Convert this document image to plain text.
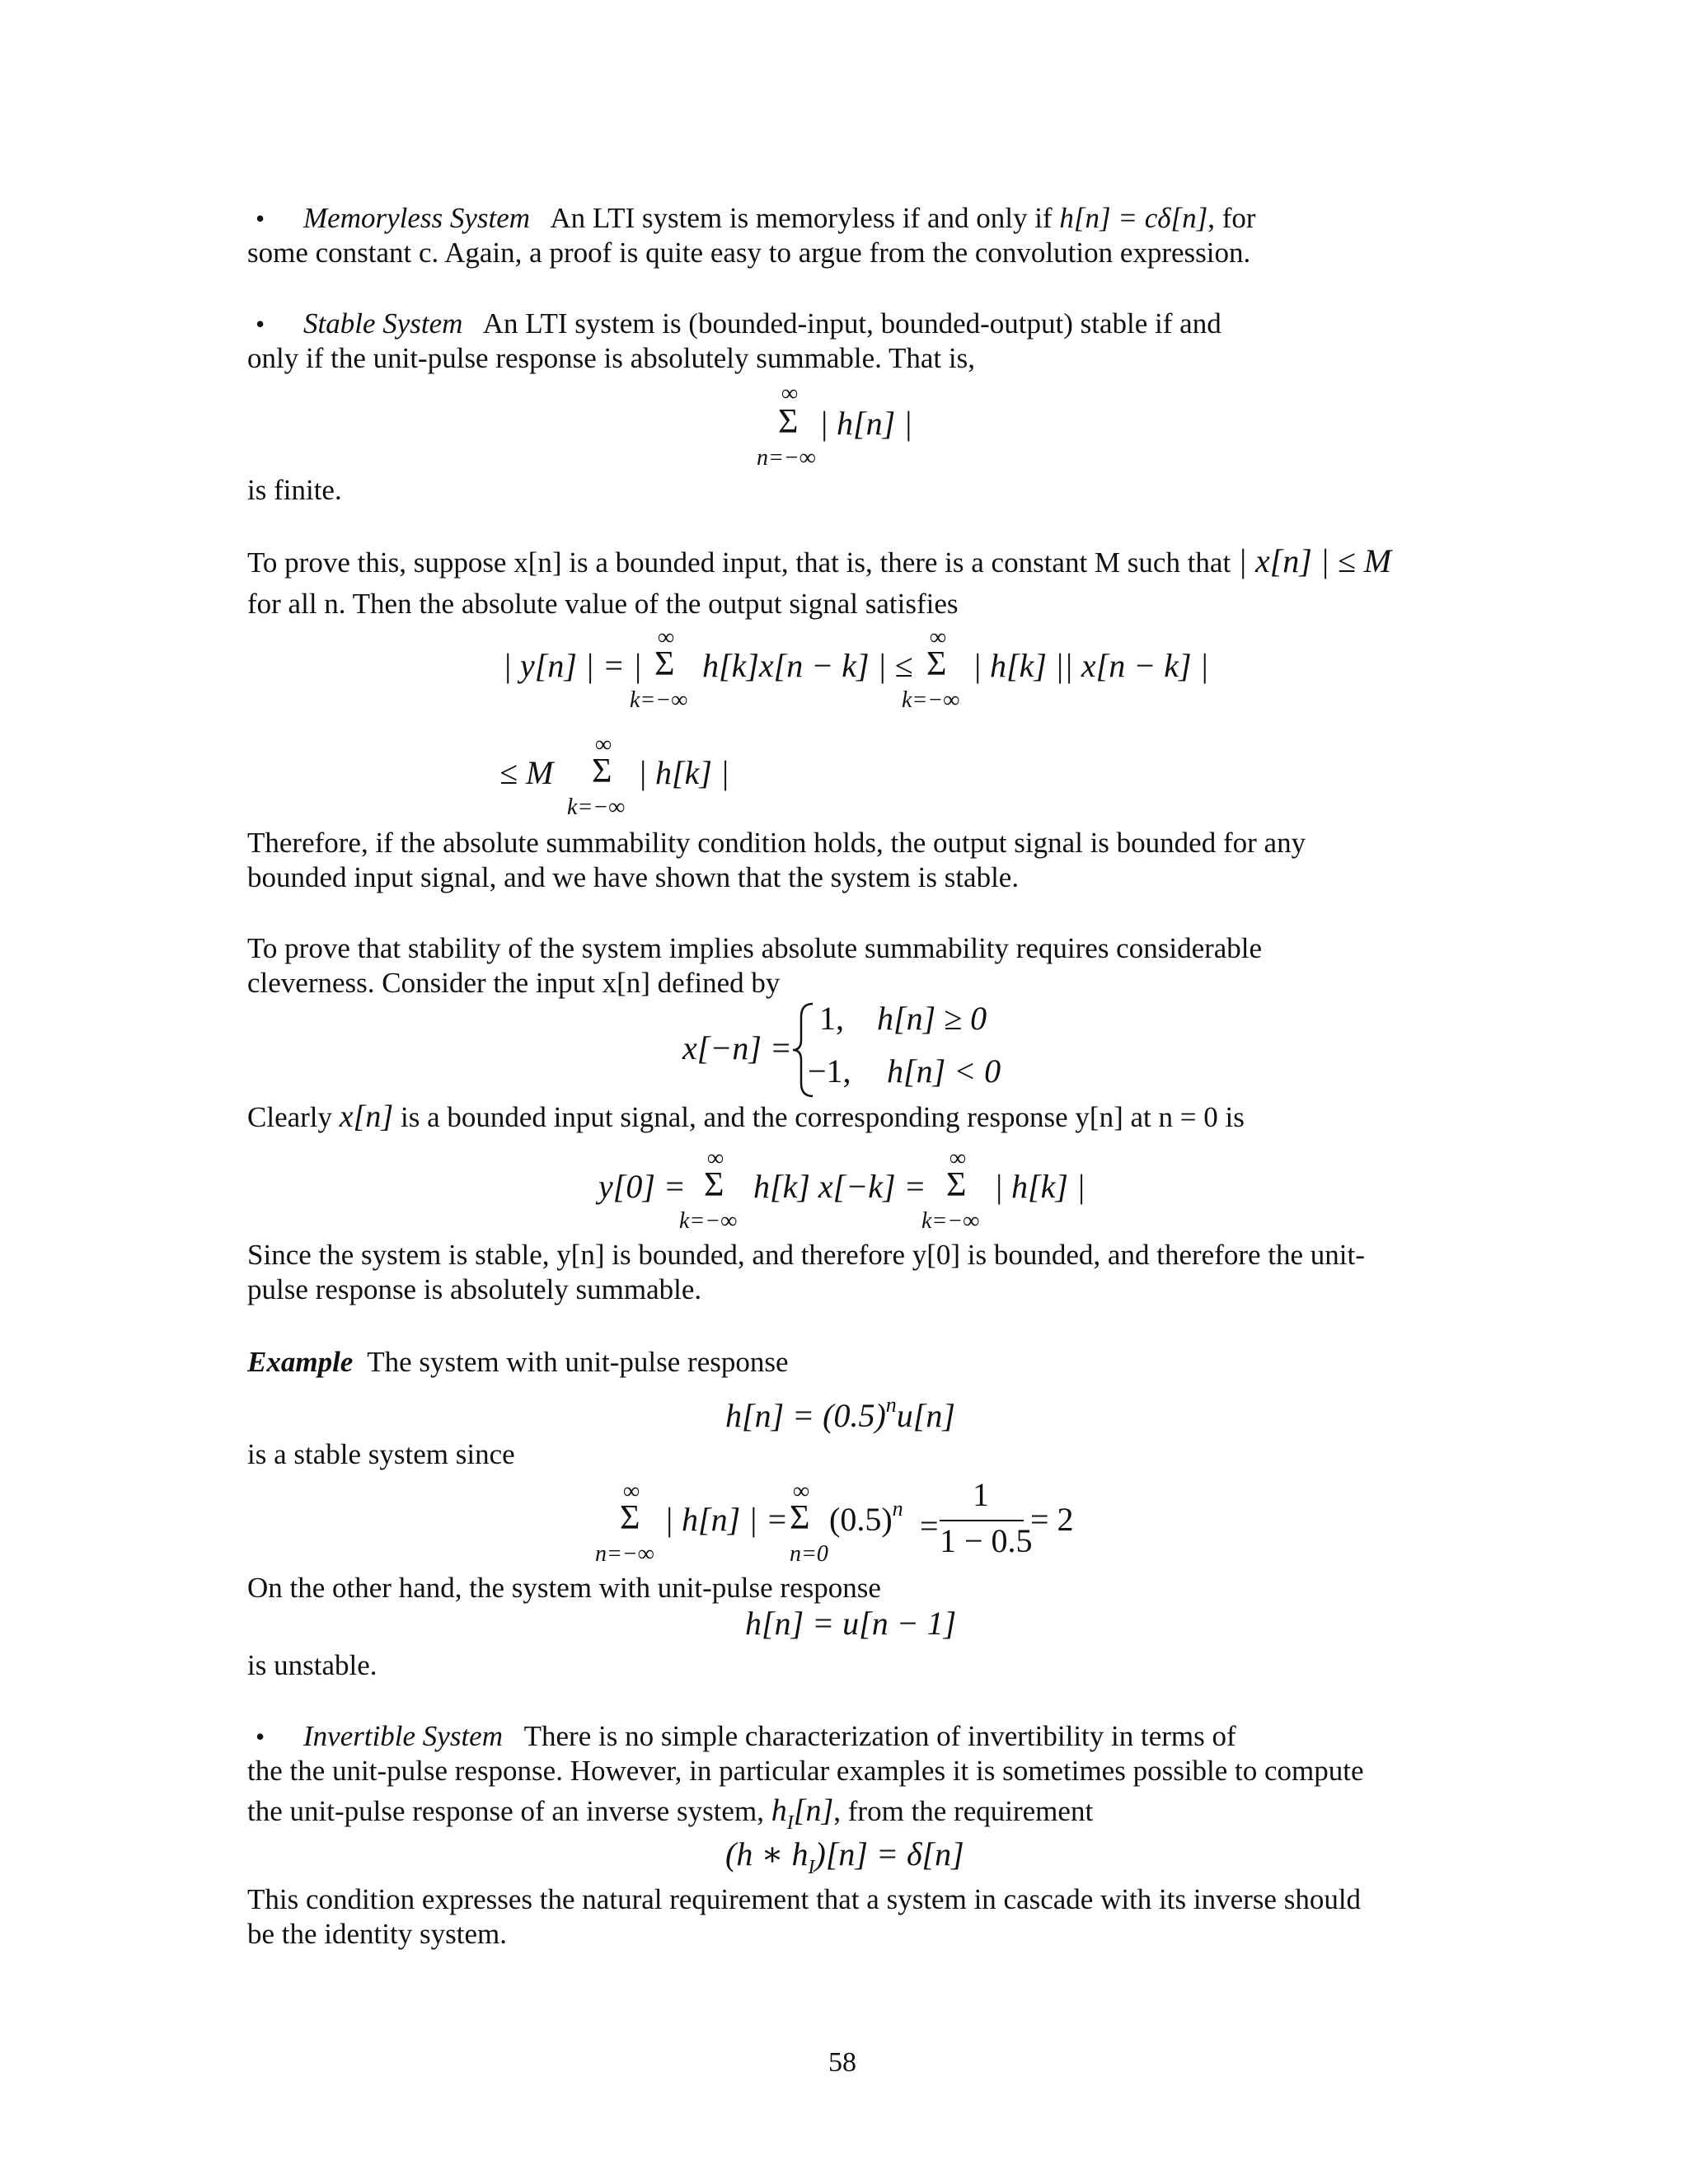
• Memoryless System An LTI system is memoryless if and only if h[n] = cδ[n], for
some constant c. Again, a proof is quite easy to argue from the convolution expression.
• Stable System An LTI system is (bounded-input, bounded-output) stable if and
only if the unit-pulse response is absolutely summable. That is,
∞
Σ | h[n] |
n=−∞
is finite.
To prove this, suppose x[n] is a bounded input, that is, there is a constant M such that | x[n] | ≤ M
for all n. Then the absolute value of the output signal satisfies
| y[n] | = |
∞
Σ
k=−∞
h[k]x[n − k] | ≤
∞
Σ
k=−∞
| h[k] || x[n − k] |
≤ M
∞
Σ
k=−∞
| h[k] |
Therefore, if the absolute summability condition holds, the output signal is bounded for any
bounded input signal, and we have shown that the system is stable.
To prove that stability of the system implies absolute summability requires considerable
cleverness. Consider the input x[n] defined by
x[−n] =
1, h[n] ≥ 0
−1, h[n] < 0
Clearly x[n] is a bounded input signal, and the corresponding response y[n] at n = 0 is
y[0] =
∞
Σ
k=−∞
h[k] x[−k] =
∞
Σ
k=−∞
| h[k] |
Since the system is stable, y[n] is bounded, and therefore y[0] is bounded, and therefore the unit-
pulse response is absolutely summable.
Example The system with unit-pulse response
$h[n] = (0.5)^nu[n]$
is a stable system since
∞
Σ
n=−∞
| h[n] | =
∞
Σ
n=0
$(0.5)^n$ =
1
1 − 0.5
= 2
On the other hand, the system with unit-pulse response
h[n] = u[n − 1]
is unstable.
• Invertible System There is no simple characterization of invertibility in terms of
the the unit-pulse response. However, in particular examples it is sometimes possible to compute
the unit-pulse response of an inverse system, $h_I[n]$, from the requirement
(h ∗ $h_I)[n] = \delta[n]$
This condition expresses the natural requirement that a system in cascade with its inverse should
be the identity system.
58
